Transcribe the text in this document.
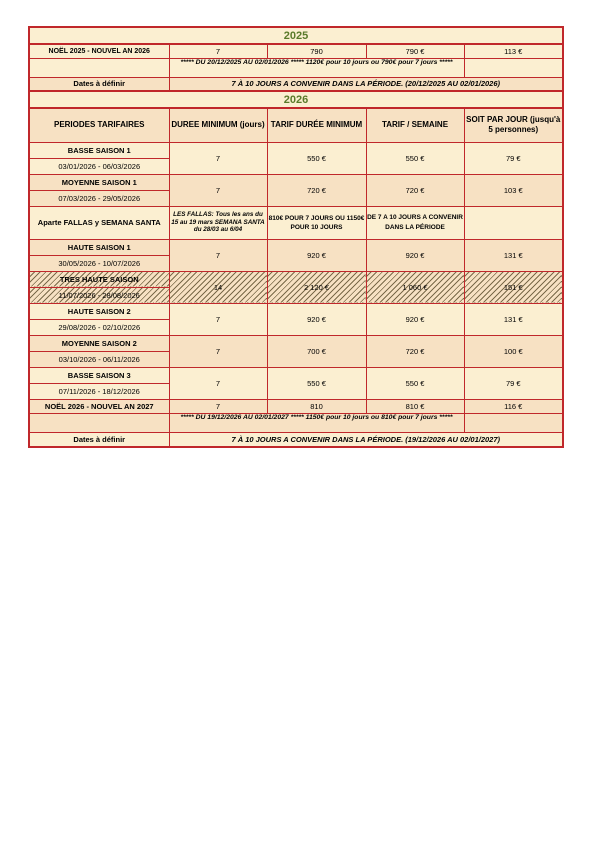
2025				
NOËL 2025 - NOUVEL AN 2026	7	790	790 €	113 €
	***** DU 20/12/2025 AU 02/01/2026 ***** 1120€ pour 10 jours ou 790€ pour 7 jours *****			
Dates à définir	7 À 10 JOURS A CONVENIR DANS LA PÉRIODE. (20/12/2025 AU 02/01/2026)			
2026				
PERIODES TARIFAIRES	DUREE MINIMUM (jours)	TARIF DURÉE MINIMUM	TARIF / SEMAINE	SOIT PAR JOUR (jusqu'à 5 personnes)
BASSE SAISON 1	7	550 €	550 €	79 €
03/01/2026 - 06/03/2026				
MOYENNE SAISON 1	7	720 €	720 €	103 €
07/03/2026 - 29/05/2026				
Aparte FALLAS y SEMANA SANTA	LES FALLAS: Tous les ans du 15 au 19 mars SEMANA SANTA du 28/03 au 6/04	810€ POUR 7 JOURS OU 1150€ POUR 10 JOURS	DE 7 A 10 JOURS A CONVENIR DANS LA PÉRIODE	
HAUTE SAISON 1	7	920 €	920 €	131 €
30/05/2026 - 10/07/2026				
TRES HAUTE SAISON	14	2 120 €	1 060 €	151 €
11/07/2026 - 28/08/2026				
HAUTE SAISON 2	7	920 €	920 €	131 €
29/08/2026 - 02/10/2026				
MOYENNE SAISON 2	7	700 €	720 €	100 €
03/10/2026 - 06/11/2026				
BASSE SAISON 3	7	550 €	550 €	79 €
07/11/2026 - 18/12/2026				
NOËL 2026 - NOUVEL AN 2027	7	810	810 €	116 €
	***** DU 19/12/2026 AU 02/01/2027 ***** 1150€ pour 10 jours ou 810€ pour 7 jours *****			
Dates à définir	7 À 10 JOURS A CONVENIR DANS LA PÉRIODE. (19/12/2026 AU 02/01/2027)			
